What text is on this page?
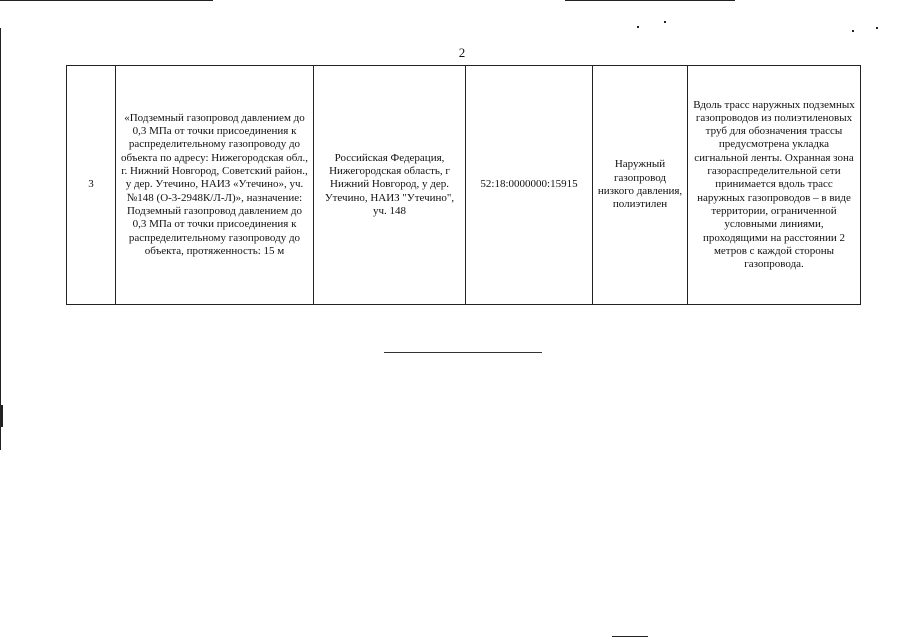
2
3	«Подземный газопровод давлением до 0,3 МПа от точки присоединения к распределительному газопроводу до объекта по адресу: Нижегородская обл., г. Нижний Новгород, Советский район., у дер. Утечино, НАИЗ «Утечино», уч. №148 (О-3-2948К/Л-Л)», назначение: Подземный газопровод давлением до 0,3 МПа от точки присоединения к распределительному газопроводу до объекта, протяженность: 15 м	Российская Федерация, Нижегородская область, г Нижний Новгород, у дер. Утечино, НАИЗ "Утечино", уч. 148	52:18:0000000:15915	Наружный газопровод низкого давления, полиэтилен	Вдоль трасс наружных подземных газопроводов из полиэтиленовых труб для обозначения трассы предусмотрена укладка сигнальной ленты. Охранная зона газораспределительной сети принимается вдоль трасс наружных газопроводов – в виде территории, ограниченной условными линиями, проходящими на расстоянии 2 метров с каждой стороны газопровода.
